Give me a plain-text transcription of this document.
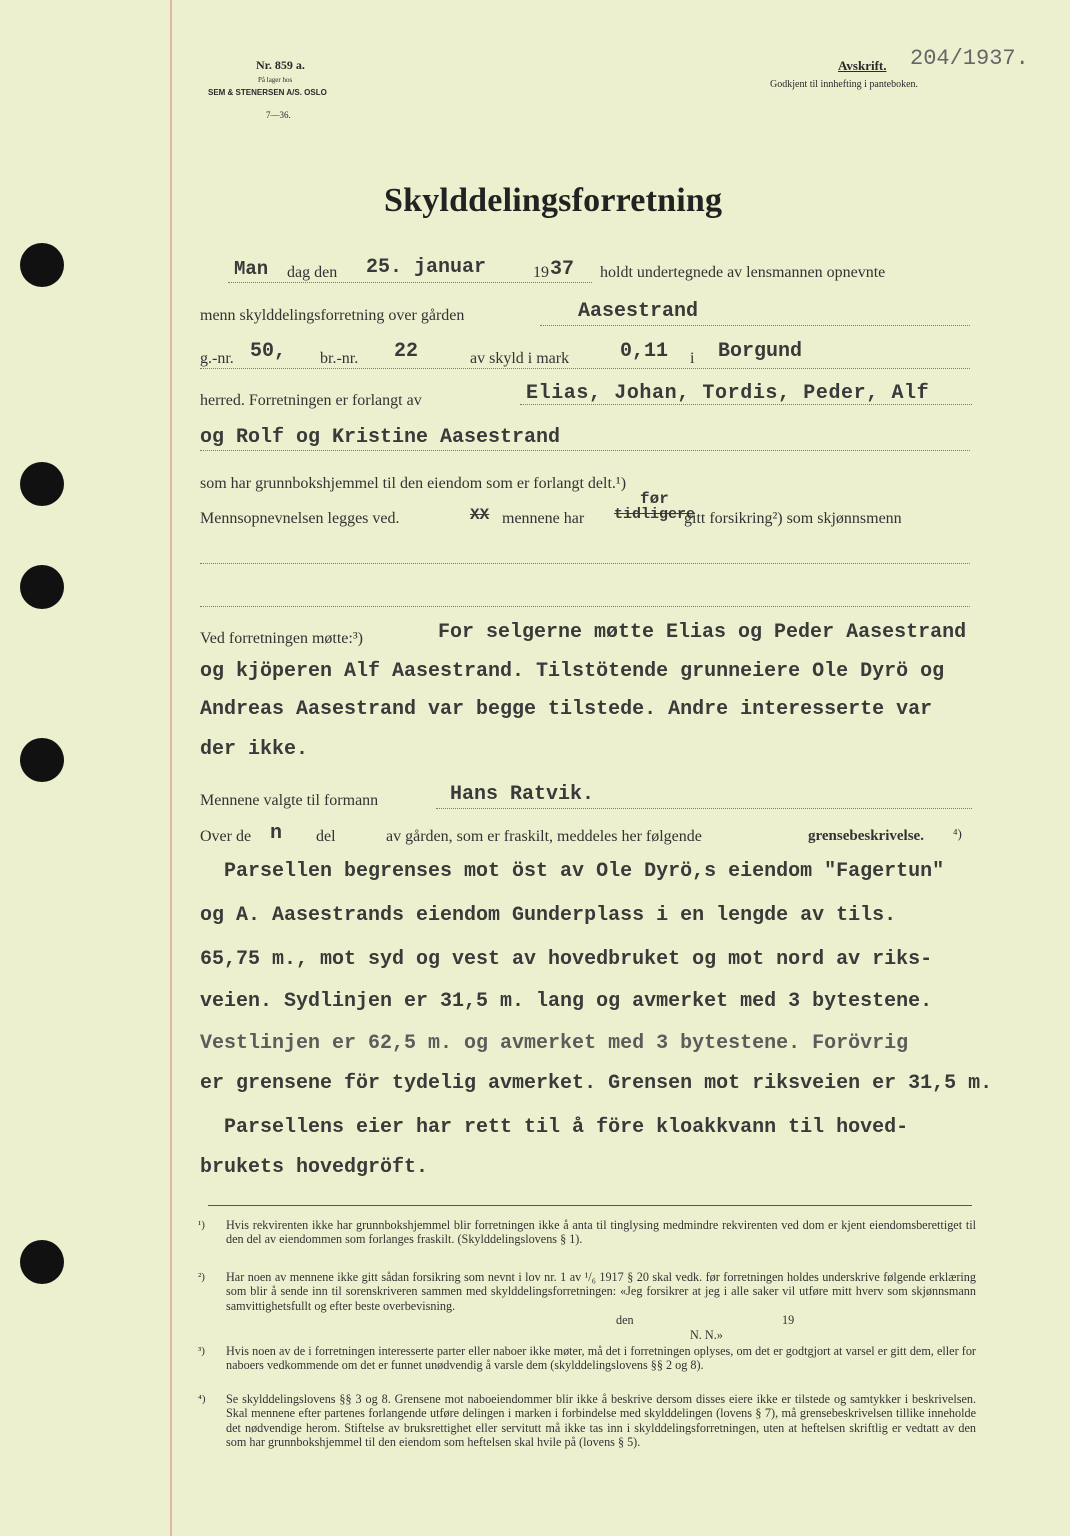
Nr. 859 a.
På lager hos
SEM & STENERSEN A/S. OSLO
7—36.
Avskrift.
Godkjent til innhefting i panteboken.
204/1937.
Skylddelingsforretning
Man dag den 25. januar	19 37 holdt undertegnede av lensmannen opnevnte
menn skylddelingsforretning over gården	Aasestrand
g.-nr. 50, br.-nr. 22	av skyld i mark	0,11 i Borgund
herred. Forretningen er forlangt av	Elias, Johan, Tordis, Peder, Alf
og Rolf og Kristine Aasestrand
som har grunnbokshjemmel til den eiendom som er forlangt delt.¹)
Mennsopnevnelsen legges ved.	XX mennene har tidligere
før
gitt forsikring²) som skjønnsmenn
Ved forretningen møtte:³)	For selgerne møtte Elias og Peder Aasestrand
og kjöperen Alf Aasestrand. Tilstötende grunneiere Ole Dyrö og
Andreas Aasestrand var begge tilstede. Andre interesserte var
der ikke.
Mennene valgte til formann	Hans Ratvik.
Over de n del	av gården, som er fraskilt, meddeles her følgende	grensebeskrivelse. ⁴)
Parsellen begrenses mot öst av Ole Dyrö,s eiendom "Fagertun"
og A. Aasestrands eiendom Gunderplass i en lengde av tils.
65,75 m., mot syd og vest av hovedbruket og mot nord av riks-
veien. Sydlinjen er 31,5 m. lang og avmerket med 3 bytestene.
Vestlinjen er 62,5 m. og avmerket med 3 bytestene. Forövrig
er grensene för tydelig avmerket. Grensen mot riksveien er 31,5 m.
Parsellens eier har rett til å före kloakkvann til hoved-
brukets hovedgröft.
¹) Hvis rekvirenten ikke har grunnbokshjemmel blir forretningen ikke å anta til tinglysing medmindre rekvirenten ved dom er kjent eiendomsberettiget til den del av eiendommen som forlanges fraskilt. (Skylddelingslovens § 1).
²) Har noen av mennene ikke gitt sådan forsikring som nevnt i lov nr. 1 av ¹/₆ 1917 § 20 skal vedk. før forretningen holdes underskrive følgende erklæring som blir å sende inn til sorenskriveren sammen med skylddelingsforretningen: «Jeg forsikrer at jeg i alle saker vil utføre mitt hverv som skjønnsmann samvittighetsfullt og efter beste overbevisning.
den	19
N. N.»
³) Hvis noen av de i forretningen interesserte parter eller naboer ikke møter, må det i forretningen oplyses, om det er godtgjort at varsel er gitt dem, eller for naboers vedkommende om det er funnet unødvendig å varsle dem (skylddelingslovens §§ 2 og 8).
⁴) Se skylddelingslovens §§ 3 og 8. Grensene mot naboeiendommer blir ikke å beskrive dersom disses eiere ikke er tilstede og samtykker i beskrivelsen. Skal mennene efter partenes forlangende utføre delingen i marken i forbindelse med skylddelingen (lovens § 7), må grensebeskrivelsen tillike inneholde det nødvendige herom. Stiftelse av bruksrettighet eller servitutt må ikke tas inn i skylddelingsforretningen, uten at heftelsen skriftlig er vedtatt av den som har grunnbokshjemmel til den eiendom som heftelsen skal hvile på (lovens § 5).
